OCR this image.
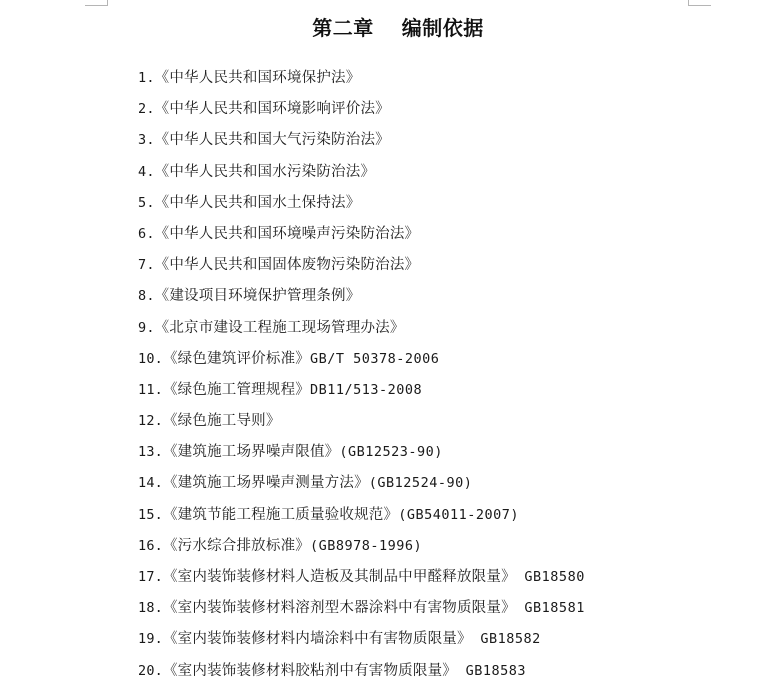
第二章　 编制依据
1.《中华人民共和国环境保护法》
2.《中华人民共和国环境影响评价法》
3.《中华人民共和国大气污染防治法》
4.《中华人民共和国水污染防治法》
5.《中华人民共和国水土保持法》
6.《中华人民共和国环境噪声污染防治法》
7.《中华人民共和国固体废物污染防治法》
8.《建设项目环境保护管理条例》
9.《北京市建设工程施工现场管理办法》
10.《绿色建筑评价标准》GB/T 50378-2006
11.《绿色施工管理规程》DB11/513-2008
12.《绿色施工导则》
13.《建筑施工场界噪声限值》(GB12523-90)
14.《建筑施工场界噪声测量方法》(GB12524-90)
15.《建筑节能工程施工质量验收规范》(GB54011-2007)
16.《污水综合排放标准》(GB8978-1996)
17.《室内装饰装修材料人造板及其制品中甲醛释放限量》 GB18580
18.《室内装饰装修材料溶剂型木器涂料中有害物质限量》 GB18581
19.《室内装饰装修材料内墙涂料中有害物质限量》 GB18582
20.《室内装饰装修材料胶粘剂中有害物质限量》 GB18583
